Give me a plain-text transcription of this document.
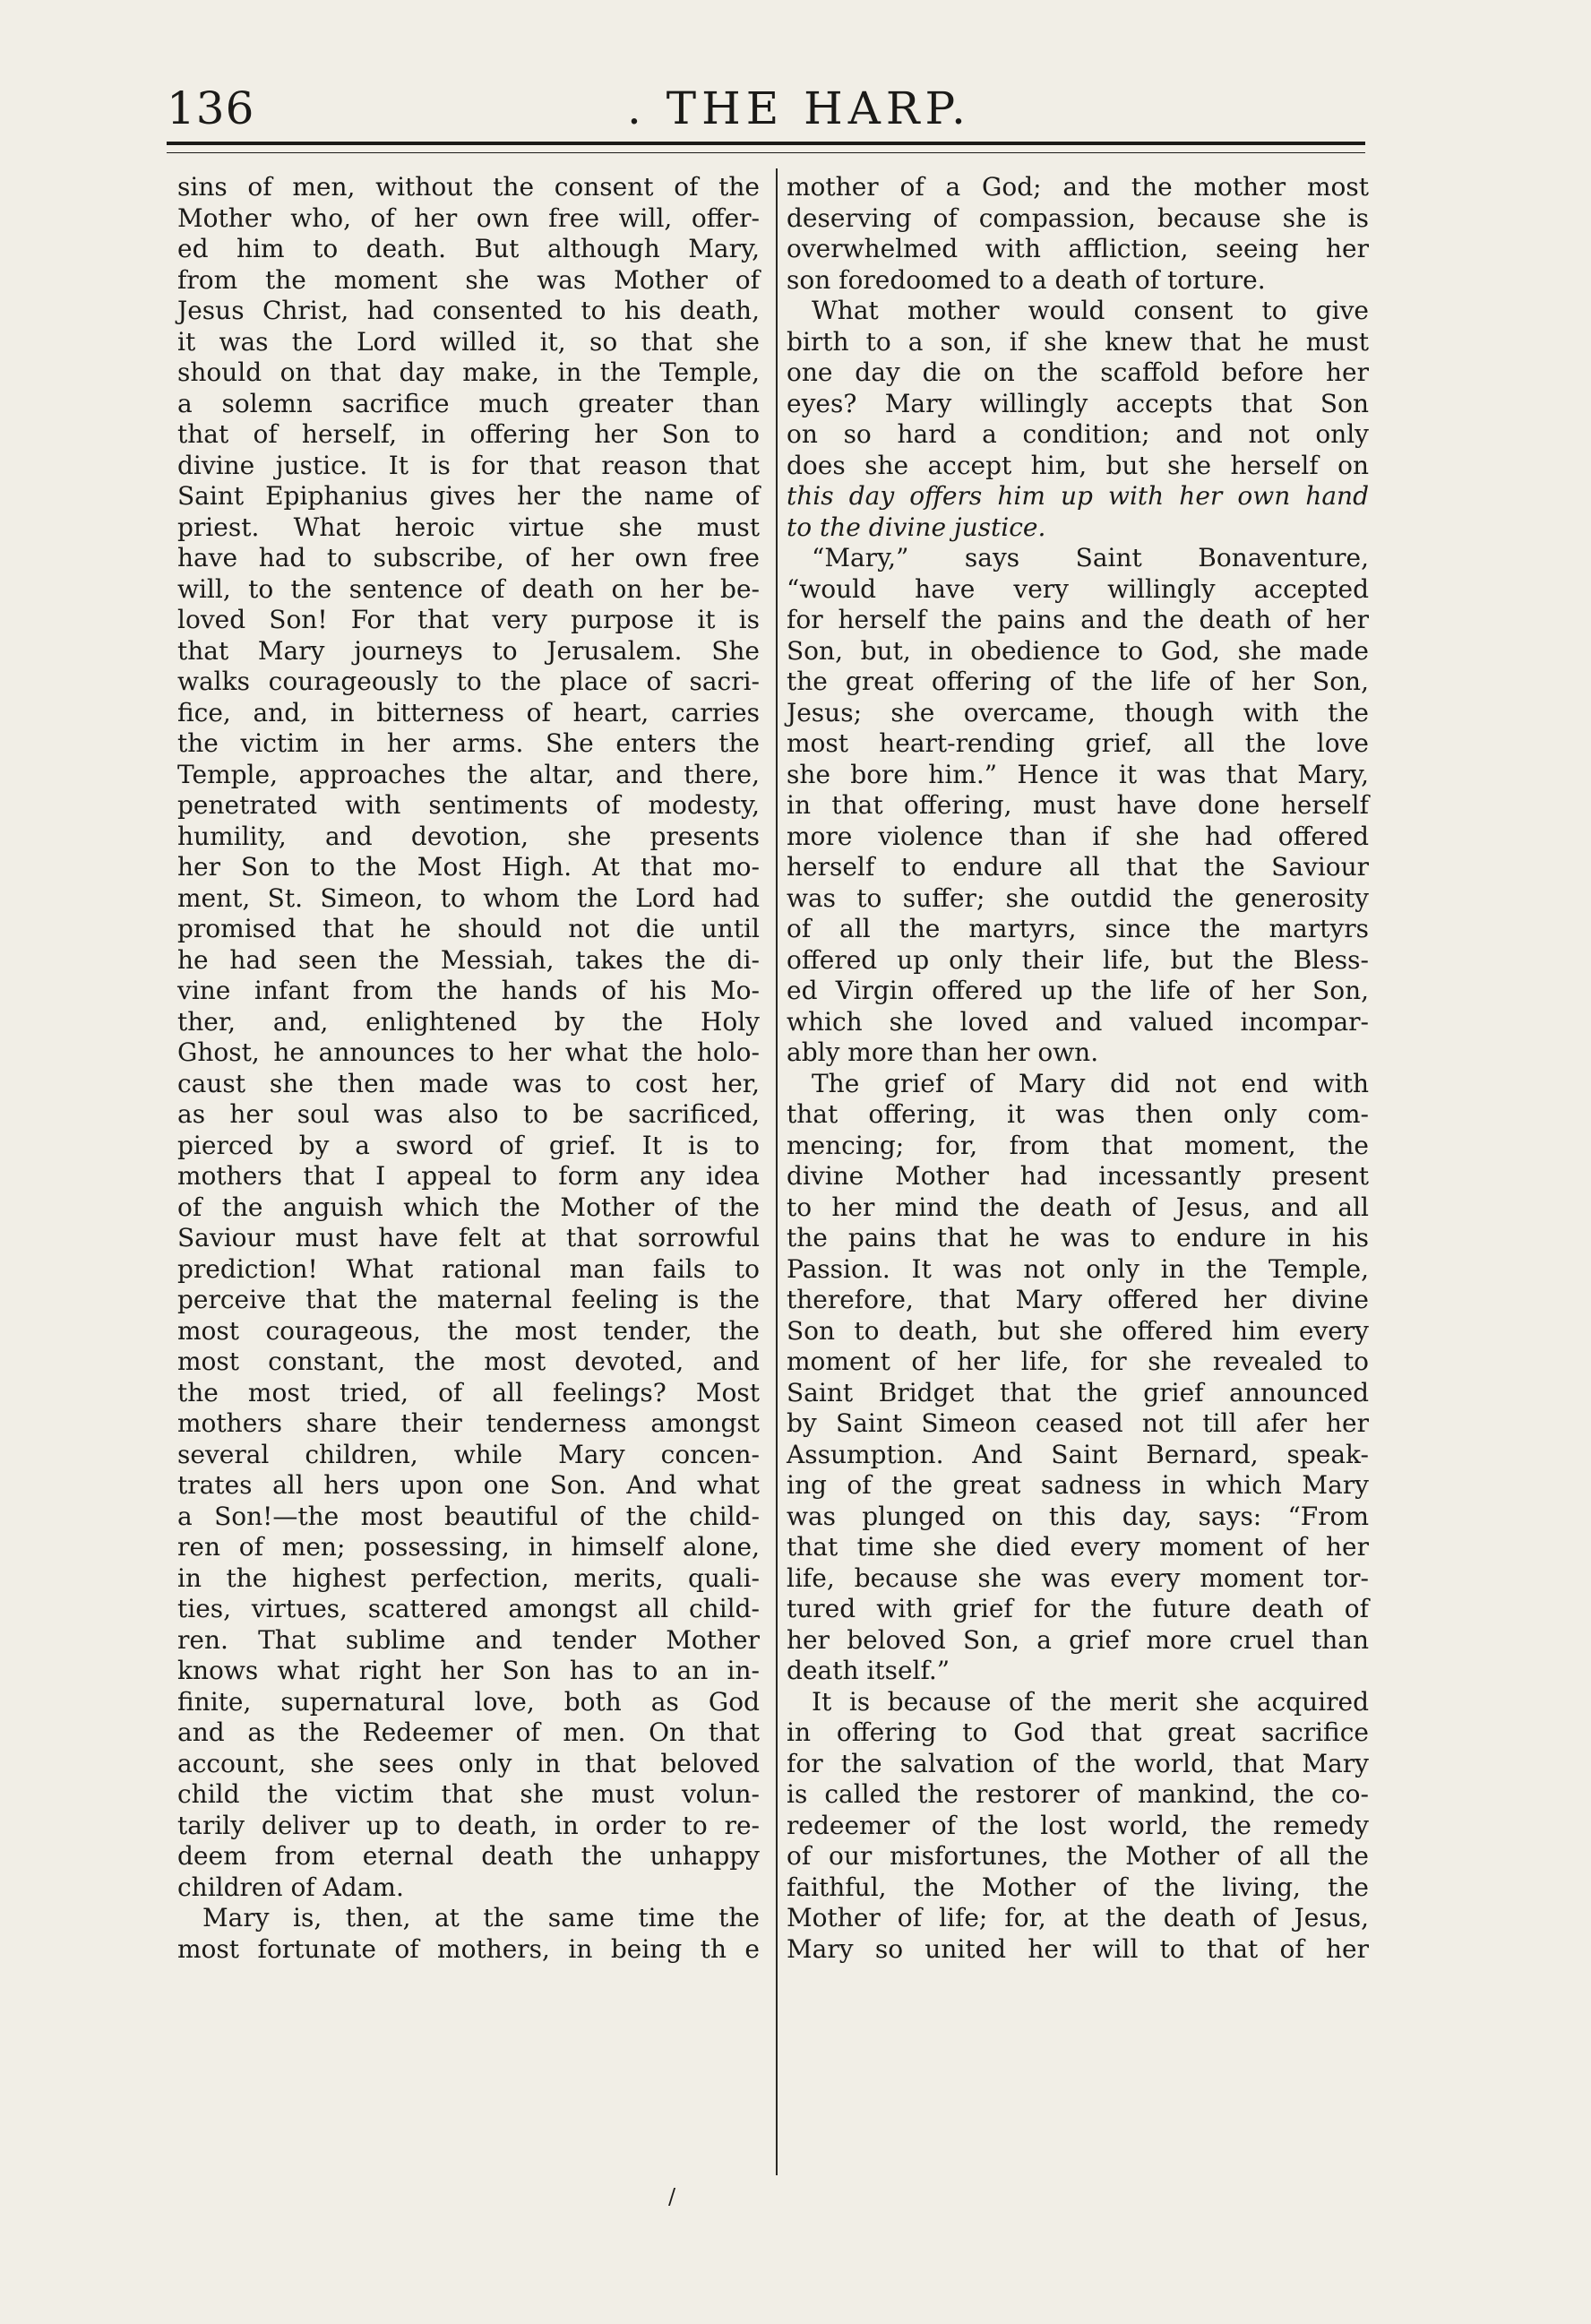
136	. THE HARP.
sins of men, without the consent of the
Mother who, of her own free will, offer-
ed him to death. But although Mary,
from the moment she was Mother of
Jesus Christ, had consented to his death,
it was the Lord willed it, so that she
should on that day make, in the Temple,
a solemn sacrifice much greater than
that of herself, in offering her Son to
divine justice. It is for that reason that
Saint Epiphanius gives her the name of
priest. What heroic virtue she must
have had to subscribe, of her own free
will, to the sentence of death on her be-
loved Son! For that very purpose it is
that Mary journeys to Jerusalem. She
walks courageously to the place of sacri-
fice, and, in bitterness of heart, carries
the victim in her arms. She enters the
Temple, approaches the altar, and there,
penetrated with sentiments of modesty,
humility, and devotion, she presents
her Son to the Most High. At that mo-
ment, St. Simeon, to whom the Lord had
promised that he should not die until
he had seen the Messiah, takes the di-
vine infant from the hands of his Mo-
ther, and, enlightened by the Holy
Ghost, he announces to her what the holo-
caust she then made was to cost her,
as her soul was also to be sacrificed,
pierced by a sword of grief. It is to
mothers that I appeal to form any idea
of the anguish which the Mother of the
Saviour must have felt at that sorrowful
prediction! What rational man fails to
perceive that the maternal feeling is the
most courageous, the most tender, the
most constant, the most devoted, and
the most tried, of all feelings? Most
mothers share their tenderness amongst
several children, while Mary concen-
trates all hers upon one Son. And what
a Son!—the most beautiful of the child-
ren of men; possessing, in himself alone,
in the highest perfection, merits, quali-
ties, virtues, scattered amongst all child-
ren. That sublime and tender Mother
knows what right her Son has to an in-
finite, supernatural love, both as God
and as the Redeemer of men. On that
account, she sees only in that beloved
child the victim that she must volun-
tarily deliver up to death, in order to re-
deem from eternal death the unhappy
children of Adam.
Mary is, then, at the same time the
most fortunate of mothers, in being th e
mother of a God; and the mother most
deserving of compassion, because she is
overwhelmed with affliction, seeing her
son foredoomed to a death of torture.
What mother would consent to give
birth to a son, if she knew that he must
one day die on the scaffold before her
eyes? Mary willingly accepts that Son
on so hard a condition; and not only
does she accept him, but she herself on
this day offers him up with her own hand
to the divine justice.
“Mary,” says Saint Bonaventure,
“would have very willingly accepted
for herself the pains and the death of her
Son, but, in obedience to God, she made
the great offering of the life of her Son,
Jesus; she overcame, though with the
most heart-rending grief, all the love
she bore him.” Hence it was that Mary,
in that offering, must have done herself
more violence than if she had offered
herself to endure all that the Saviour
was to suffer; she outdid the generosity
of all the martyrs, since the martyrs
offered up only their life, but the Bless-
ed Virgin offered up the life of her Son,
which she loved and valued incompar-
ably more than her own.
The grief of Mary did not end with
that offering, it was then only com-
mencing; for, from that moment, the
divine Mother had incessantly present
to her mind the death of Jesus, and all
the pains that he was to endure in his
Passion. It was not only in the Temple,
therefore, that Mary offered her divine
Son to death, but she offered him every
moment of her life, for she revealed to
Saint Bridget that the grief announced
by Saint Simeon ceased not till afer her
Assumption. And Saint Bernard, speak-
ing of the great sadness in which Mary
was plunged on this day, says: “From
that time she died every moment of her
life, because she was every moment tor-
tured with grief for the future death of
her beloved Son, a grief more cruel than
death itself.”
It is because of the merit she acquired
in offering to God that great sacrifice
for the salvation of the world, that Mary
is called the restorer of mankind, the co-
redeemer of the lost world, the remedy
of our misfortunes, the Mother of all the
faithful, the Mother of the living, the
Mother of life; for, at the death of Jesus,
Mary so united her will to that of her
/
